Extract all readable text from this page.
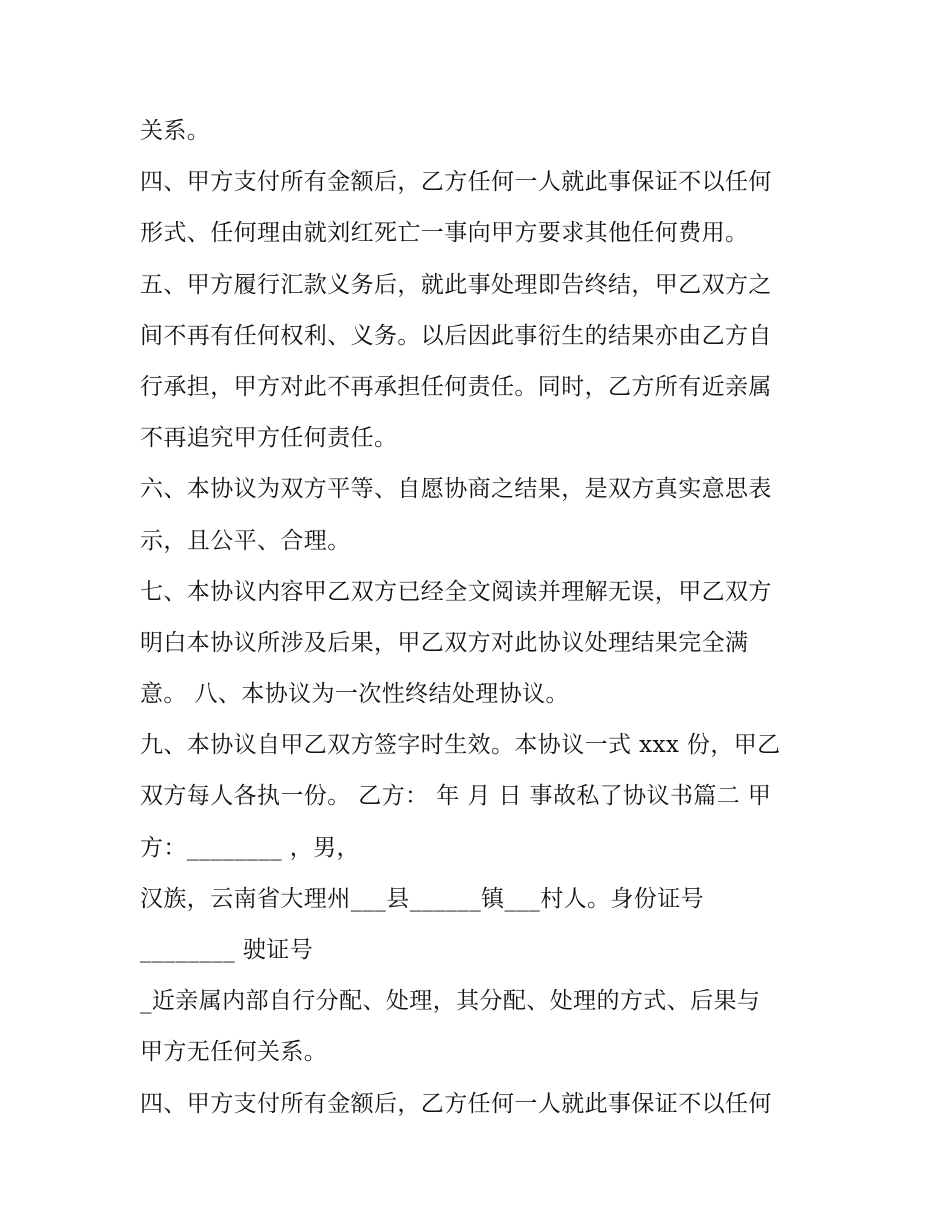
关系。
四、甲方支付所有金额后，乙方任何一人就此事保证不以任何
形式、任何理由就刘红死亡一事向甲方要求其他任何费用。
五、甲方履行汇款义务后，就此事处理即告终结，甲乙双方之
间不再有任何权利、义务。以后因此事衍生的结果亦由乙方自
行承担，甲方对此不再承担任何责任。同时，乙方所有近亲属
不再追究甲方任何责任。
六、本协议为双方平等、自愿协商之结果，是双方真实意思表
示，且公平、合理。
七、本协议内容甲乙双方已经全文阅读并理解无误，甲乙双方
明白本协议所涉及后果，甲乙双方对此协议处理结果完全满
意。 八、本协议为一次性终结处理协议。
九、本协议自甲乙双方签字时生效。本协议一式 xxx 份，甲乙
双方每人各执一份。 乙方： 年 月 日 事故私了协议书篇二 甲
方：________ ，男，
汉族，云南省大理州___县______镇___村人。身份证号
________ 驶证号
_近亲属内部自行分配、处理，其分配、处理的方式、后果与
甲方无任何关系。
四、甲方支付所有金额后，乙方任何一人就此事保证不以任何
